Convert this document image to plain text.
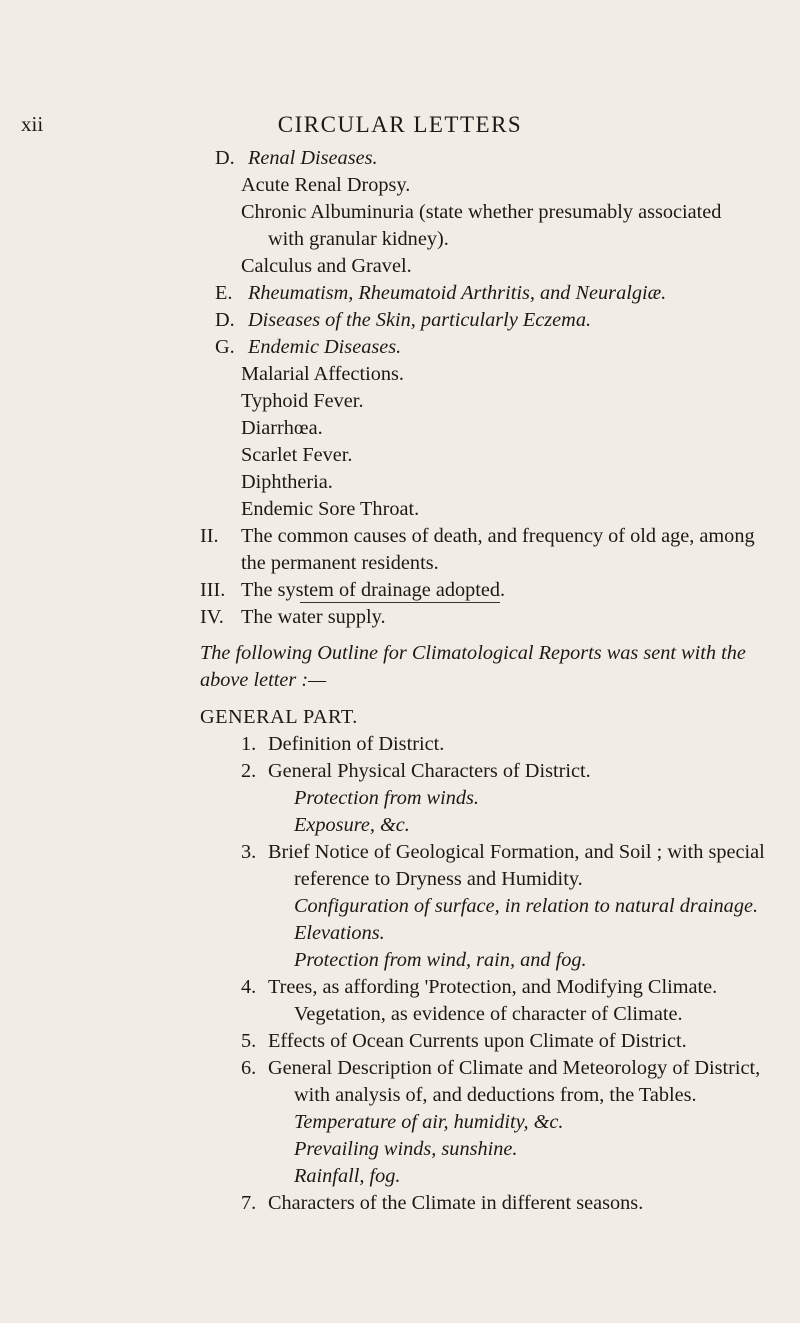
xii	CIRCULAR LETTERS
D. Renal Diseases.
Acute Renal Dropsy.
Chronic Albuminuria (state whether presumably associated
with granular kidney).
Calculus and Gravel.
E. Rheumatism, Rheumatoid Arthritis, and Neuralgiæ.
D. Diseases of the Skin, particularly Eczema.
G. Endemic Diseases.
Malarial Affections.
Typhoid Fever.
Diarrhœa.
Scarlet Fever.
Diphtheria.
Endemic Sore Throat.
II. The common causes of death, and frequency of old age, among
the permanent residents.
III. The system of drainage adopted.
IV. The water supply.
The following Outline for Climatological Reports was sent with the
above letter :—
GENERAL PART.
1. Definition of District.
2. General Physical Characters of District.
Protection from winds.
Exposure, &c.
3. Brief Notice of Geological Formation, and Soil ; with special
reference to Dryness and Humidity.
Configuration of surface, in relation to natural drainage.
Elevations.
Protection from wind, rain, and fog.
4. Trees, as affording 'Protection, and Modifying Climate.
Vegetation, as evidence of character of Climate.
5. Effects of Ocean Currents upon Climate of District.
6. General Description of Climate and Meteorology of District,
with analysis of, and deductions from, the Tables.
Temperature of air, humidity, &c.
Prevailing winds, sunshine.
Rainfall, fog.
7. Characters of the Climate in different seasons.
